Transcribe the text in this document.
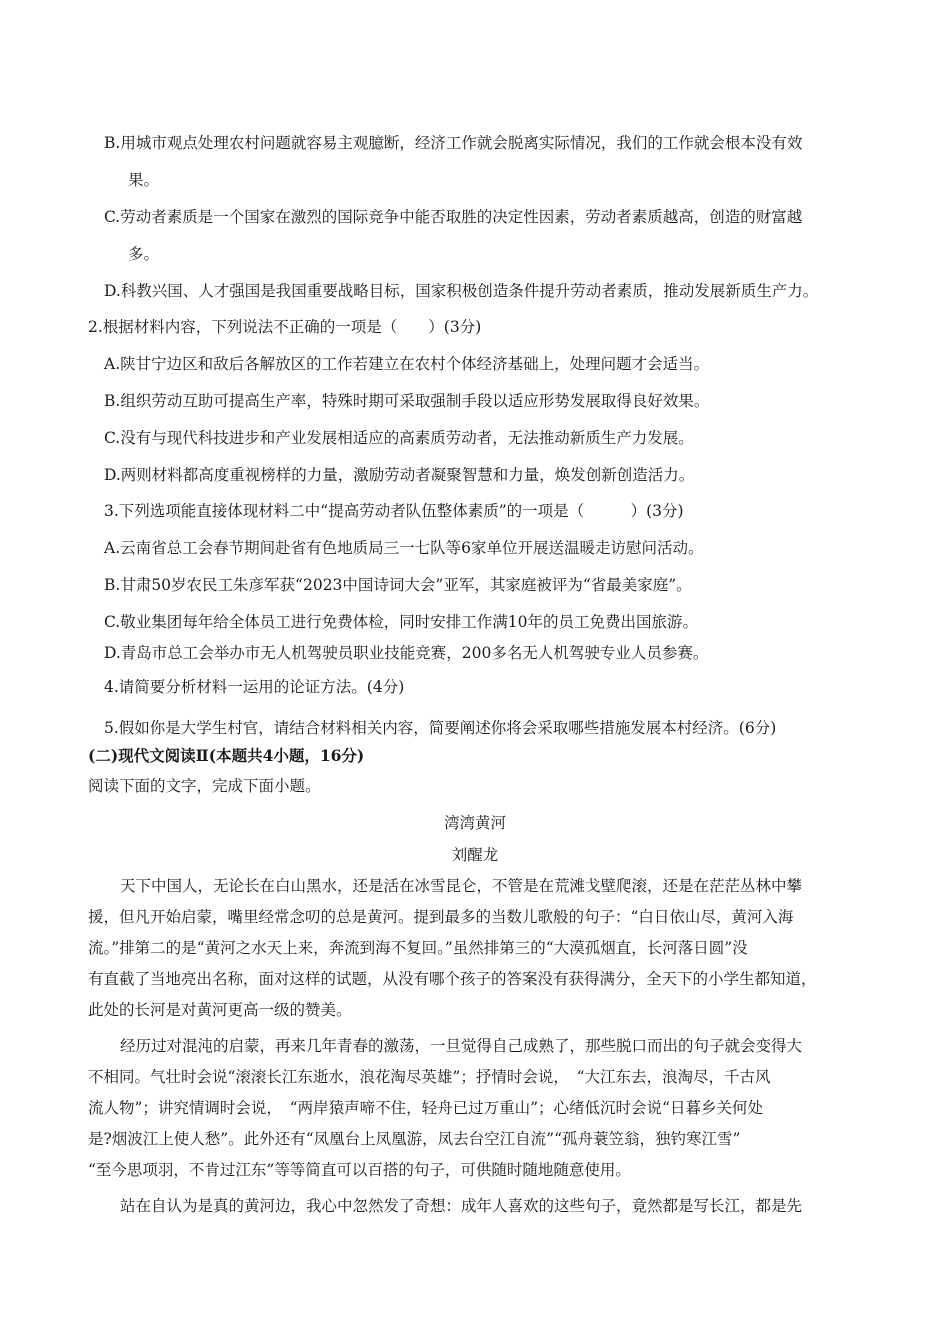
B.用城市观点处理农村问题就容易主观臆断，经济工作就会脱离实际情况，我们的工作就会根本没有效
果。
C.劳动者素质是一个国家在激烈的国际竞争中能否取胜的决定性因素，劳动者素质越高，创造的财富越
多。
D.科教兴国、人才强国是我国重要战略目标，国家积极创造条件提升劳动者素质，推动发展新质生产力。
2.根据材料内容，下列说法不正确的一项是（　　）(3分)
A.陕甘宁边区和敌后各解放区的工作若建立在农村个体经济基础上，处理问题才会适当。
B.组织劳动互助可提高生产率，特殊时期可采取强制手段以适应形势发展取得良好效果。
C.没有与现代科技进步和产业发展相适应的高素质劳动者，无法推动新质生产力发展。
D.两则材料都高度重视榜样的力量，激励劳动者凝聚智慧和力量，焕发创新创造活力。
3.下列选项能直接体现材料二中“提高劳动者队伍整体素质”的一项是（　　　）(3分)
A.云南省总工会春节期间赴省有色地质局三一七队等6家单位开展送温暖走访慰问活动。
B.甘肃50岁农民工朱彦军获“2023中国诗词大会”亚军，其家庭被评为“省最美家庭”。
C.敬业集团每年给全体员工进行免费体检，同时安排工作满10年的员工免费出国旅游。
D.青岛市总工会举办市无人机驾驶员职业技能竞赛，200多名无人机驾驶专业人员参赛。
4.请简要分析材料一运用的论证方法。(4分)
5.假如你是大学生村官，请结合材料相关内容，简要阐述你将会采取哪些措施发展本村经济。(6分)
(二)现代文阅读Ⅱ(本题共4小题，16分)
阅读下面的文字，完成下面小题。
湾湾黄河
刘醒龙
天下中国人，无论长在白山黑水，还是活在冰雪昆仑，不管是在荒滩戈壁爬滚，还是在茫茫丛林中攀
援，但凡开始启蒙，嘴里经常念叨的总是黄河。提到最多的当数儿歌般的句子：“白日依山尽，黄河入海
流。”排第二的是“黄河之水天上来，奔流到海不复回。”虽然排第三的“大漠孤烟直，长河落日圆”没
有直截了当地亮出名称，面对这样的试题，从没有哪个孩子的答案没有获得满分，全天下的小学生都知道，
此处的长河是对黄河更高一级的赞美。
经历过对混沌的启蒙，再来几年青春的激荡，一旦觉得自己成熟了，那些脱口而出的句子就会变得大
不相同。气壮时会说“滚滚长江东逝水，浪花淘尽英雄”；抒情时会说，　“大江东去，浪淘尽，千古风
流人物”；讲究情调时会说，　“两岸猿声啼不住，轻舟已过万重山”；心绪低沉时会说“日暮乡关何处
是?烟波江上使人愁”。此外还有“凤凰台上凤凰游，凤去台空江自流”“孤舟蓑笠翁，独钓寒江雪”
“至今思项羽，不肯过江东”等等简直可以百搭的句子，可供随时随地随意使用。
站在自认为是真的黄河边，我心中忽然发了奇想：成年人喜欢的这些句子，竟然都是写长江，都是先
